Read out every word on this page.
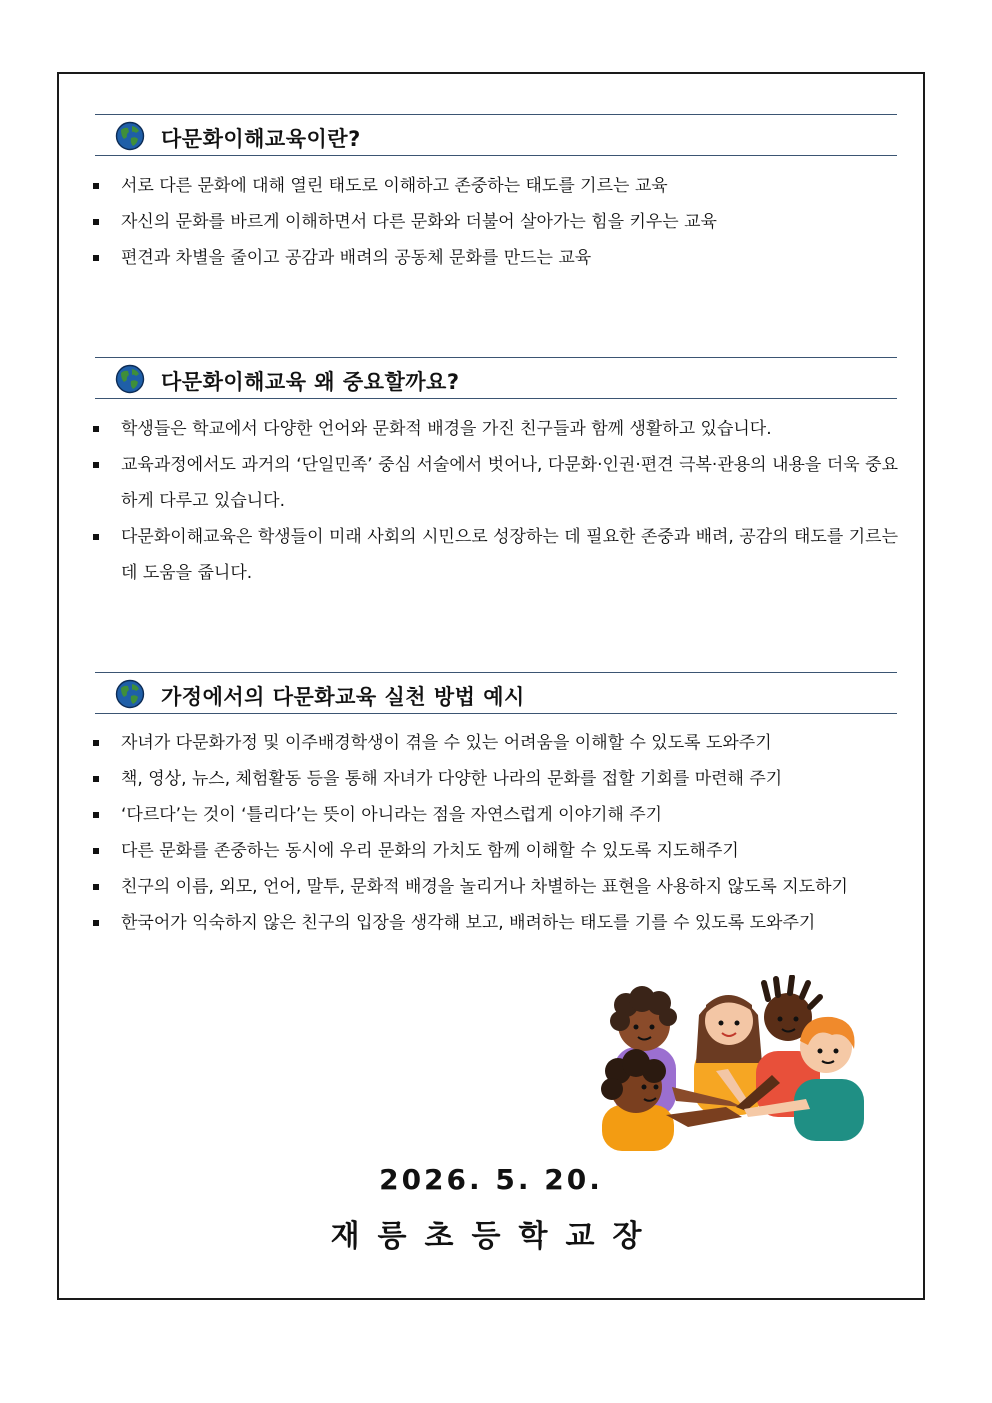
다문화이해교육이란?
서로 다른 문화에 대해 열린 태도로 이해하고 존중하는 태도를 기르는 교육
자신의 문화를 바르게 이해하면서 다른 문화와 더불어 살아가는 힘을 키우는 교육
편견과 차별을 줄이고 공감과 배려의 공동체 문화를 만드는 교육
다문화이해교육 왜 중요할까요?
학생들은 학교에서 다양한 언어와 문화적 배경을 가진 친구들과 함께 생활하고 있습니다.
교육과정에서도 과거의 ‘단일민족’ 중심 서술에서 벗어나, 다문화·인권·편견 극복·관용의 내용을 더욱 중요하게 다루고 있습니다.
다문화이해교육은 학생들이 미래 사회의 시민으로 성장하는 데 필요한 존중과 배려, 공감의 태도를 기르는 데 도움을 줍니다.
가정에서의 다문화교육 실천 방법 예시
자녀가 다문화가정 및 이주배경학생이 겪을 수 있는 어려움을 이해할 수 있도록 도와주기
책, 영상, 뉴스, 체험활동 등을 통해 자녀가 다양한 나라의 문화를 접할 기회를 마련해 주기
‘다르다’는 것이 ‘틀리다’는 뜻이 아니라는 점을 자연스럽게 이야기해 주기
다른 문화를 존중하는 동시에 우리 문화의 가치도 함께 이해할 수 있도록 지도해주기
친구의 이름, 외모, 언어, 말투, 문화적 배경을 놀리거나 차별하는 표현을 사용하지 않도록 지도하기
한국어가 익숙하지 않은 친구의 입장을 생각해 보고, 배려하는 태도를 기를 수 있도록 도와주기
2026. 5. 20.
재릉초등학교장
